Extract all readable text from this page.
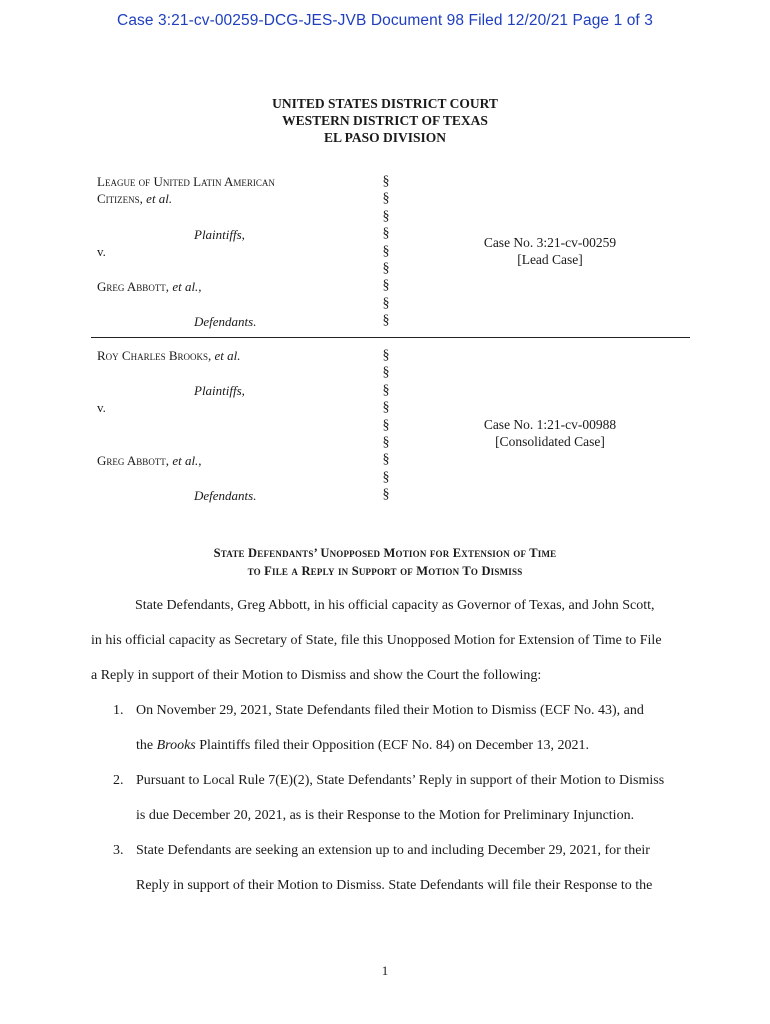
Case 3:21-cv-00259-DCG-JES-JVB Document 98 Filed 12/20/21 Page 1 of 3
UNITED STATES DISTRICT COURT
WESTERN DISTRICT OF TEXAS
EL PASO DIVISION
League of United Latin American
Citizens, et al.
Plaintiffs,
v.
Greg Abbott, et al.,
Defendants.
§
§
§
§
§
§
§
§
§
Case No. 3:21-cv-00259
[Lead Case]
Roy Charles Brooks, et al.
Plaintiffs,
v.
Greg Abbott, et al.,
Defendants.
§
§
§
§
§
§
§
§
§
Case No. 1:21-cv-00988
[Consolidated Case]
State Defendants’ Unopposed Motion for Extension of Time
to File a Reply in Support of Motion To Dismiss
State Defendants, Greg Abbott, in his official capacity as Governor of Texas, and John Scott,
in his official capacity as Secretary of State, file this Unopposed Motion for Extension of Time to File
a Reply in support of their Motion to Dismiss and show the Court the following:
1. On November 29, 2021, State Defendants filed their Motion to Dismiss (ECF No. 43), and
the Brooks Plaintiffs filed their Opposition (ECF No. 84) on December 13, 2021.
2. Pursuant to Local Rule 7(E)(2), State Defendants’ Reply in support of their Motion to Dismiss
is due December 20, 2021, as is their Response to the Motion for Preliminary Injunction.
3. State Defendants are seeking an extension up to and including December 29, 2021, for their
Reply in support of their Motion to Dismiss. State Defendants will file their Response to the
1
